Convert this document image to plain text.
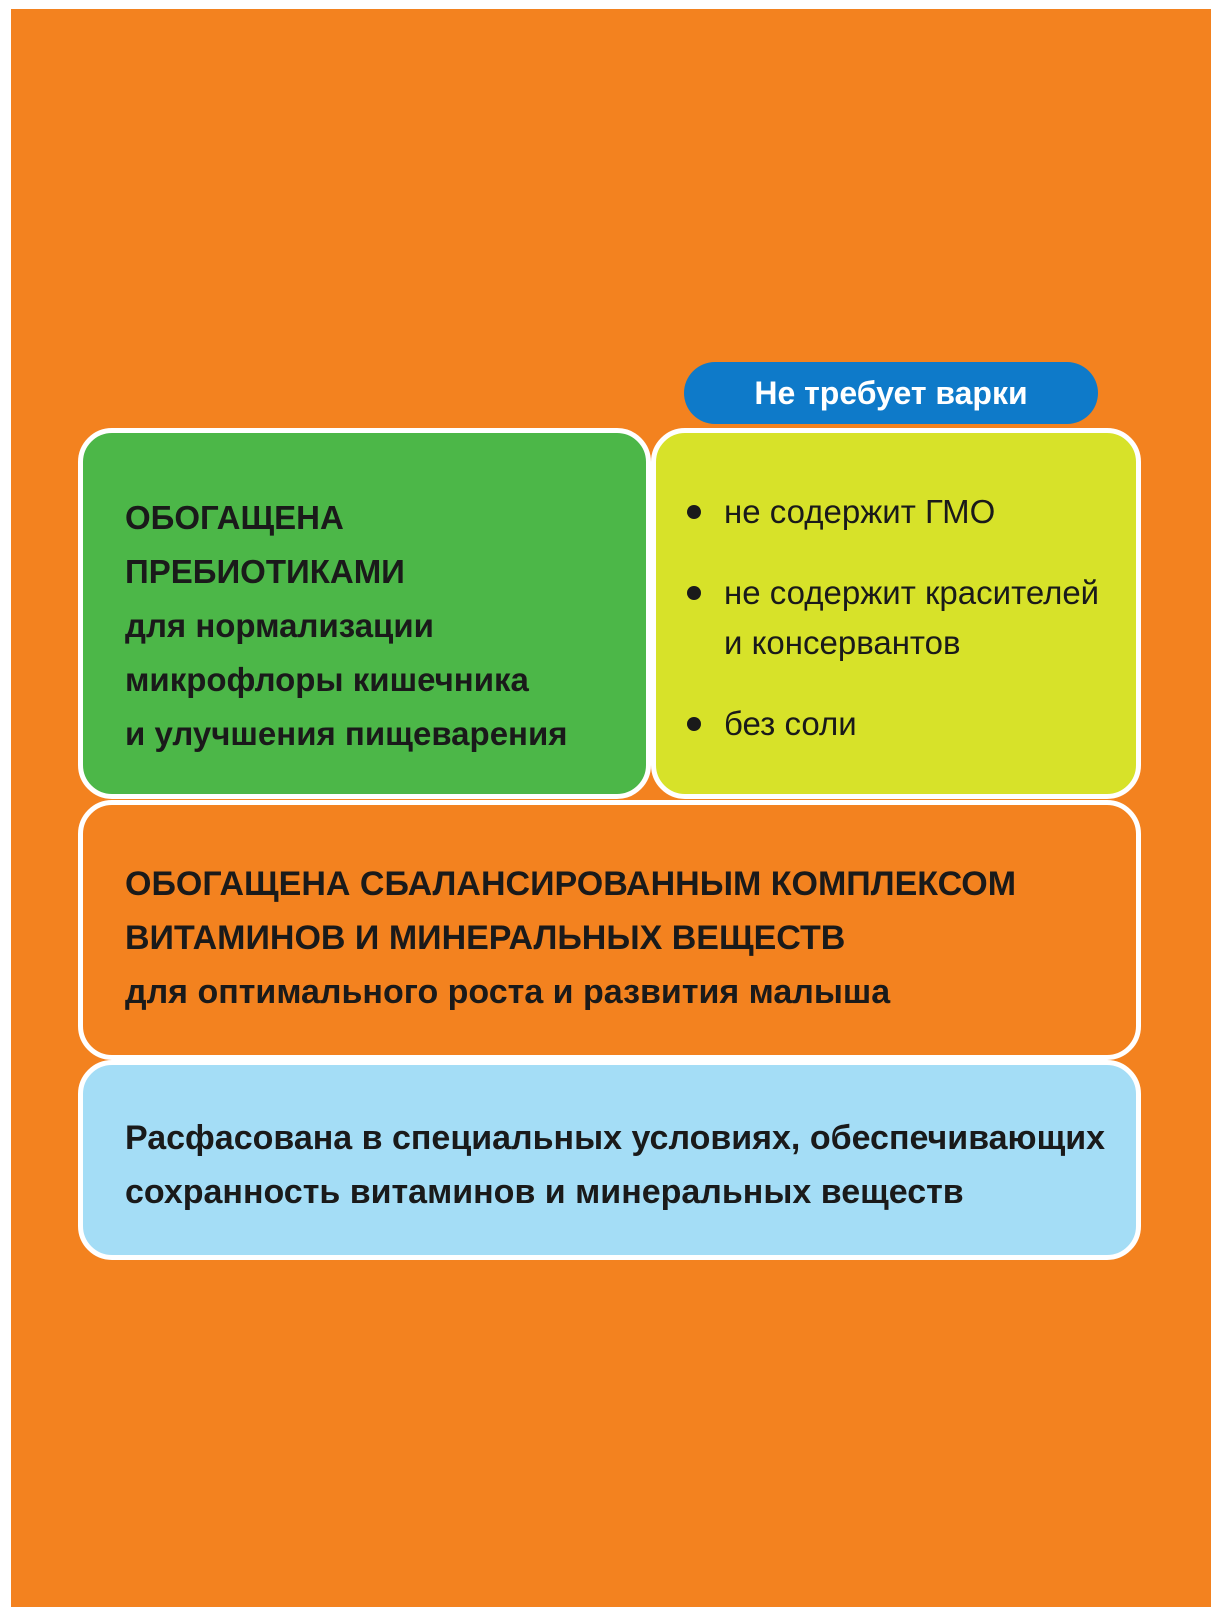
Не требует варки
ОБОГАЩЕНА
ПРЕБИОТИКАМИ
для нормализации
микрофлоры кишечника
и улучшения пищеварения
не содержит ГМО
не содержит красителей
и консервантов
без соли
ОБОГАЩЕНА СБАЛАНСИРОВАННЫМ КОМПЛЕКСОМ
ВИТАМИНОВ И МИНЕРАЛЬНЫХ ВЕЩЕСТВ
для оптимального роста и развития малыша
Расфасована в специальных условиях, обеспечивающих
сохранность витаминов и минеральных веществ
